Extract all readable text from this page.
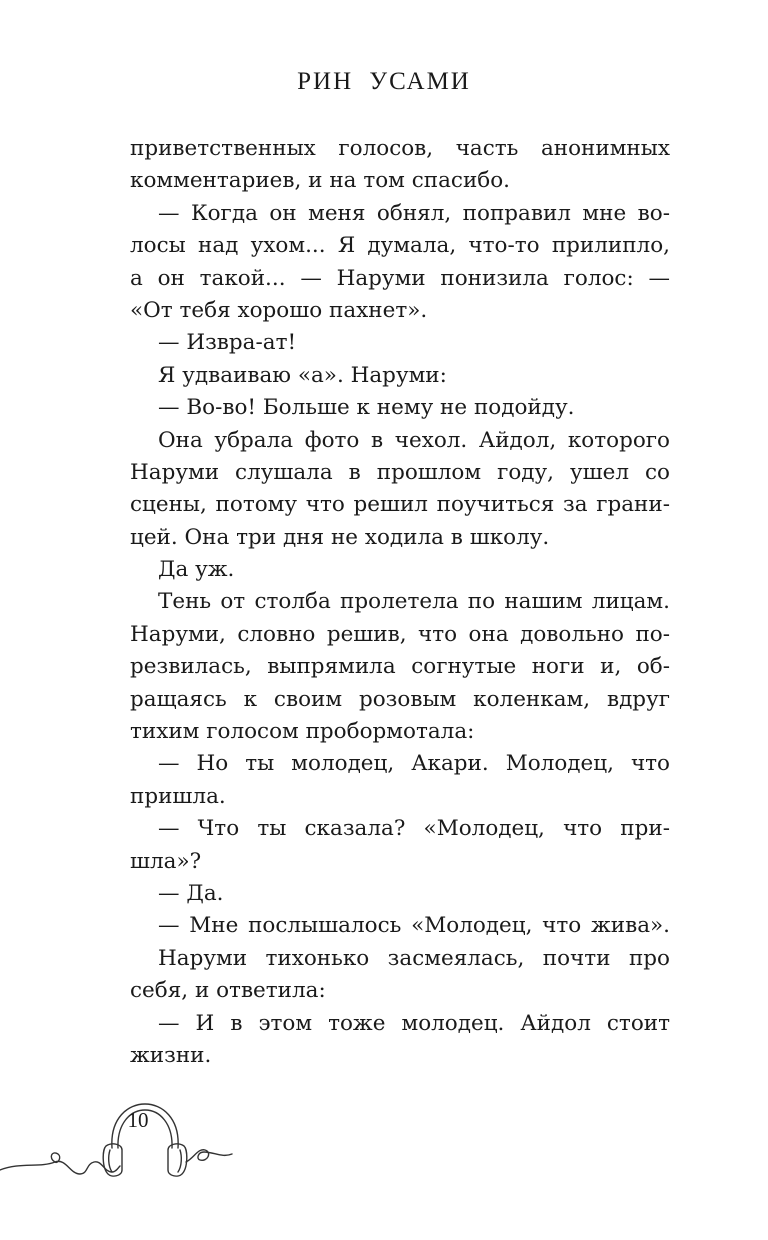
РИН УСАМИ
приветственных голосов, часть анонимных
комментариев, и на том спасибо.
— Когда он меня обнял, поправил мне во-
лосы над ухом... Я думала, что-то прилипло,
а он такой... — Наруми понизила голос: —
«От тебя хорошо пахнет».
— Извра-ат!
Я удваиваю «а». Наруми:
— Во-во! Больше к нему не подойду.
Она убрала фото в чехол. Айдол, которого
Наруми слушала в прошлом году, ушел со
сцены, потому что решил поучиться за грани-
цей. Она три дня не ходила в школу.
Да уж.
Тень от столба пролетела по нашим лицам.
Наруми, словно решив, что она довольно по-
резвилась, выпрямила согнутые ноги и, об-
ращаясь к своим розовым коленкам, вдруг
тихим голосом пробормотала:
— Но ты молодец, Акари. Молодец, что
пришла.
— Что ты сказала? «Молодец, что при-
шла»?
— Да.
— Мне послышалось «Молодец, что жива».
Наруми тихонько засмеялась, почти про
себя, и ответила:
— И в этом тоже молодец. Айдол стоит
жизни.
10
